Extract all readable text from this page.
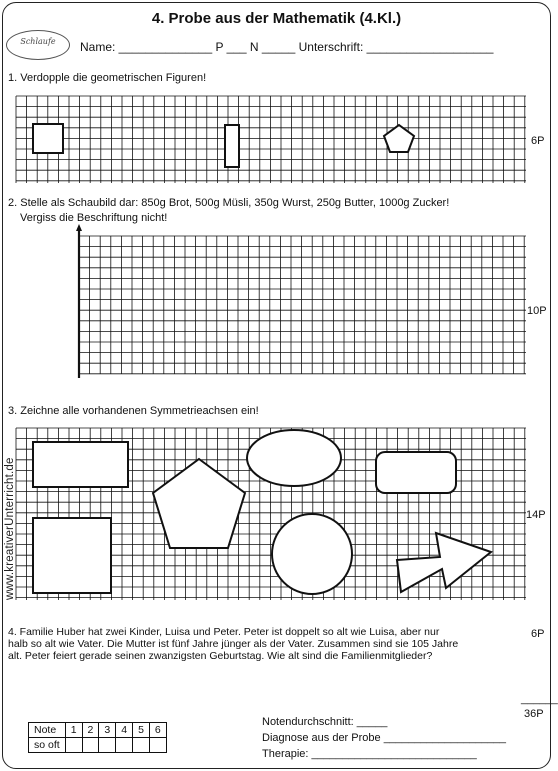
4. Probe aus der Mathematik (4.Kl.)
Schlaufe	Name: ______________ P ___ N _____ Unterschrift: ___________________
www.kreativerUnterricht.de
1. Verdopple die geometrischen Figuren!
6P
2. Stelle als Schaubild dar: 850g Brot, 500g Müsli, 350g Wurst, 250g Butter, 1000g Zucker!
Vergiss die Beschriftung nicht!
10P
3. Zeichne alle vorhandenen Symmetrieachsen ein!
14P
6P
4. Familie Huber hat zwei Kinder, Luisa und Peter. Peter ist doppelt so alt wie Luisa, aber nur
halb so alt wie Vater. Die Mutter ist fünf Jahre jünger als der Vater. Zusammen sind sie 105 Jahre
alt. Peter feiert gerade seinen zwanzigsten Geburtstag. Wie alt sind die Familienmitglieder?
______
36P
Note	1	2	3	4	5	6
so oft						
Notendurchschnitt: _____
Diagnose aus der Probe ____________________
Therapie: ___________________________
